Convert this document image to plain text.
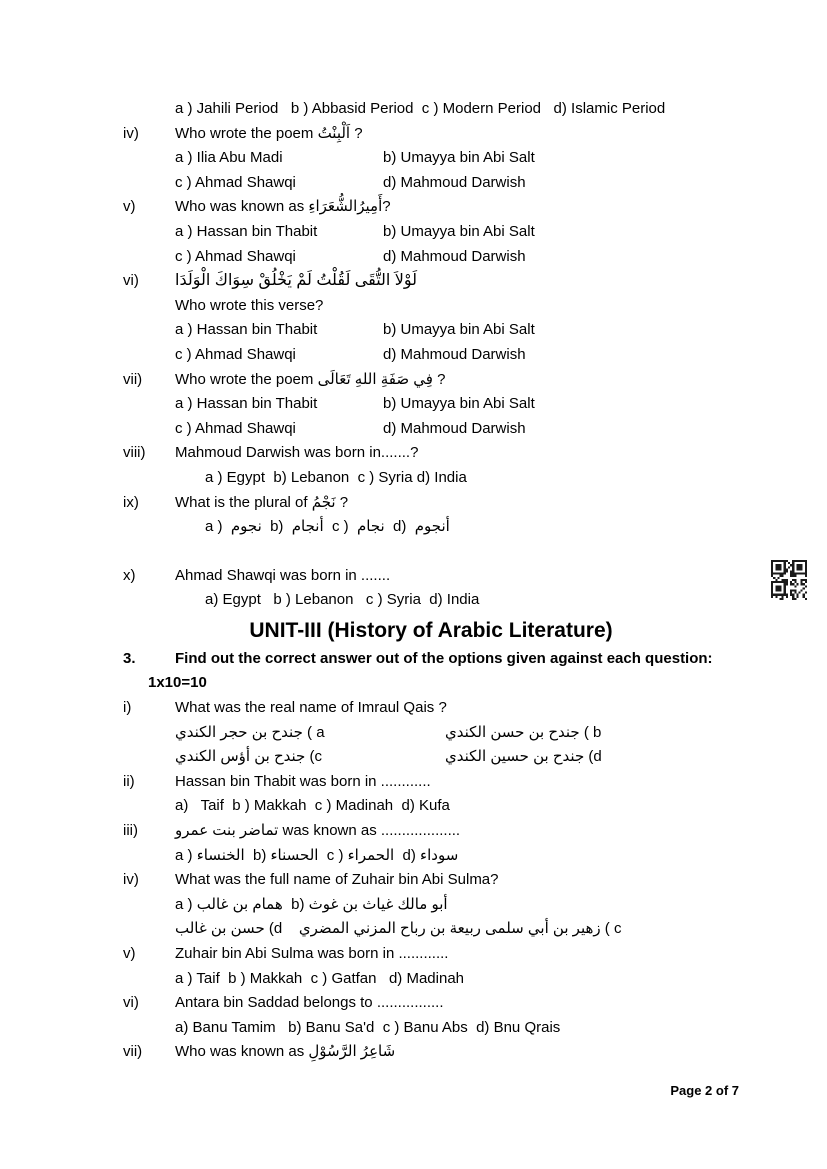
a ) Jahili Period   b ) Abbasid Period  c ) Modern Period   d) Islamic Period
iv)	Who wrote the poem اَلْبِنْتُ ?
a ) Ilia Abu Madi	b) Umayya bin Abi Salt
c ) Ahmad Shawqi	d) Mahmoud Darwish
v)	Who was known as أَمِيرُالشُّعَرَاءِ?
a ) Hassan bin Thabit	b) Umayya bin Abi Salt
c ) Ahmad Shawqi	d) Mahmoud Darwish
vi)	لَوْلاَ التُّقَى لَقُلْتُ لَمْ يَخْلُقْ سِوَاكَ الْوَلَدَا
Who wrote this verse?
a ) Hassan bin Thabit	b) Umayya bin Abi Salt
c ) Ahmad Shawqi	d) Mahmoud Darwish
vii)	Who wrote the poem فِي صَفَةِ اللهِ تَعَالَى ?
a ) Hassan bin Thabit	b) Umayya bin Abi Salt
c ) Ahmad Shawqi	d) Mahmoud Darwish
viii)	Mahmoud Darwish was born in.......?
a ) Egypt  b) Lebanon  c ) Syria d) India
ix)	What is the plural of نَجْمُ ?
a )  نجوم  b)  أنجام  c )  نجام  d)  أنجوم
x)	Ahmad Shawqi was born in .......
a) Egypt   b ) Lebanon   c ) Syria  d) India
UNIT-III (History of Arabic Literature)
3.	Find out the correct answer out of the options given against each question:
1x10=10
i)	What was the real name of Imraul Qais ?
a ) جندح بن حجر الكندي	b ) جندح بن حسن الكندي
c) جندح بن أؤس الكندي	d) جندح بن حسين الكندي
ii)	Hassan bin Thabit was born in ............
a)   Taif  b ) Makkah  c ) Madinah  d) Kufa
iii)	تماضر بنت عمرو was known as ...................
a ) الخنساء  b) الحسناء  c ) الحمراء  d) سوداء
iv)	What was the full name of Zuhair bin Abi Sulma?
a ) همام بن غالب  b) أبو مالك غياث بن غوث
c ) زهير بن أبي سلمى ربيعة بن رباح المزني المضري    d) حسن بن غالب
v)	Zuhair bin Abi Sulma was born in ............
a ) Taif  b ) Makkah  c ) Gatfan   d) Madinah
vi)	Antara bin Saddad belongs to ................
a) Banu Tamim   b) Banu Sa'd  c ) Banu Abs  d) Bnu Qrais
vii)	Who was known as شَاعِرُ الرَّسُوْلِ
Page 2 of 7
